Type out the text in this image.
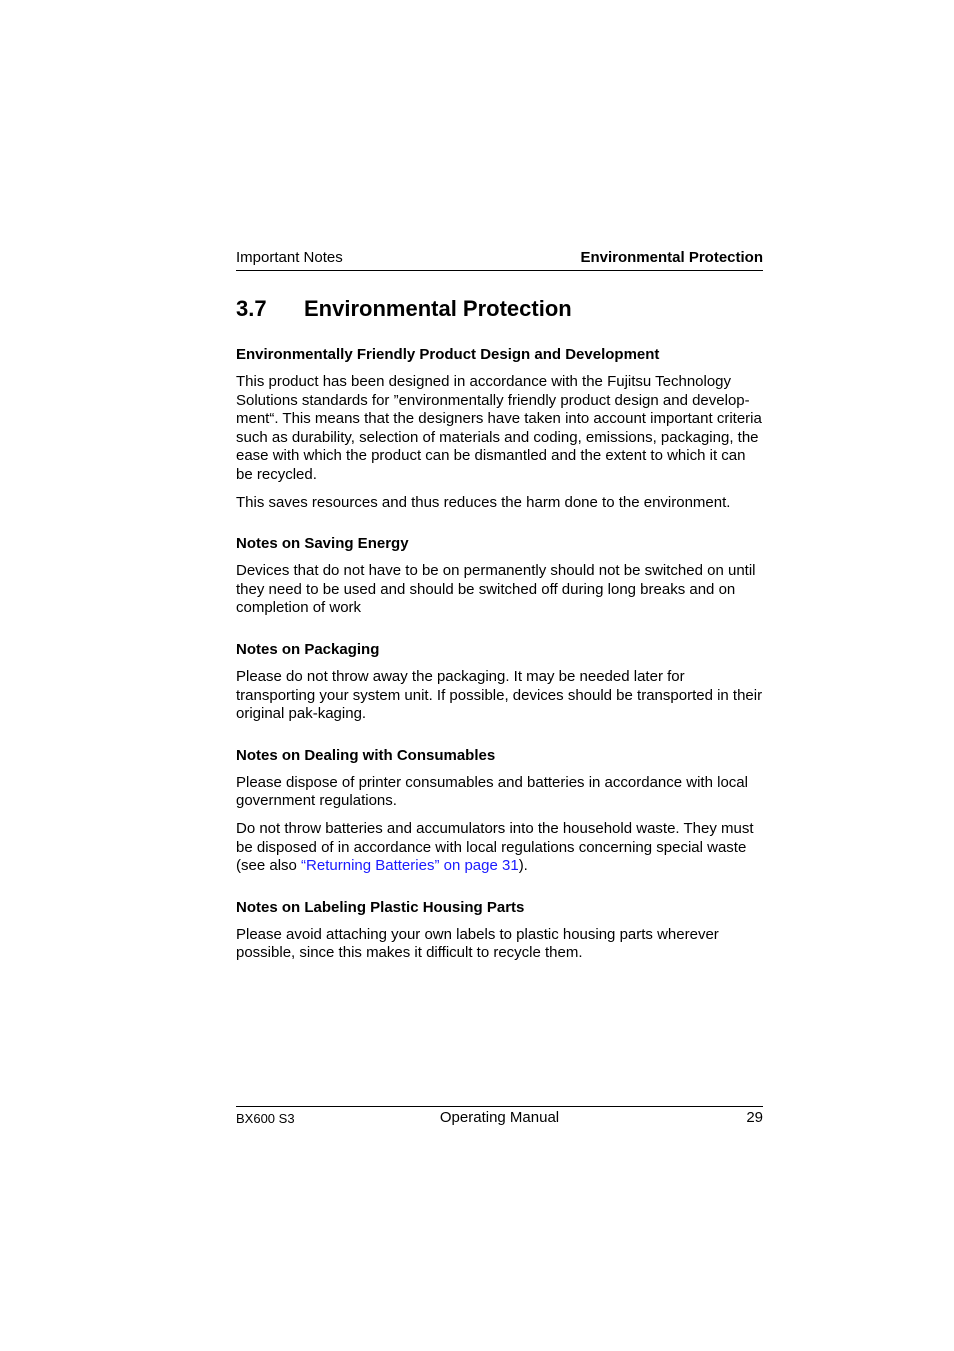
Important Notes	Environmental Protection
3.7 Environmental Protection
Environmentally Friendly Product Design and Development

This product has been designed in accordance with the Fujitsu Technology Solutions standards for ”environmentally friendly product design and develop-ment“. This means that the designers have taken into account important criteria such as durability, selection of materials and coding, emissions, packaging, the ease with which the product can be dismantled and the extent to which it can be recycled.

This saves resources and thus reduces the harm done to the environment.

Notes on Saving Energy

Devices that do not have to be on permanently should not be switched on until they need to be used and should be switched off during long breaks and on completion of work

Notes on Packaging

Please do not throw away the packaging. It may be needed later for transporting your system unit. If possible, devices should be transported in their original pak-kaging.

Notes on Dealing with Consumables

Please dispose of printer consumables and batteries in accordance with local government regulations.

Do not throw batteries and accumulators into the household waste. They must be disposed of in accordance with local regulations concerning special waste (see also “Returning Batteries” on page 31).

Notes on Labeling Plastic Housing Parts

Please avoid attaching your own labels to plastic housing parts wherever possible, since this makes it difficult to recycle them.

BX600 S3	Operating Manual	29
